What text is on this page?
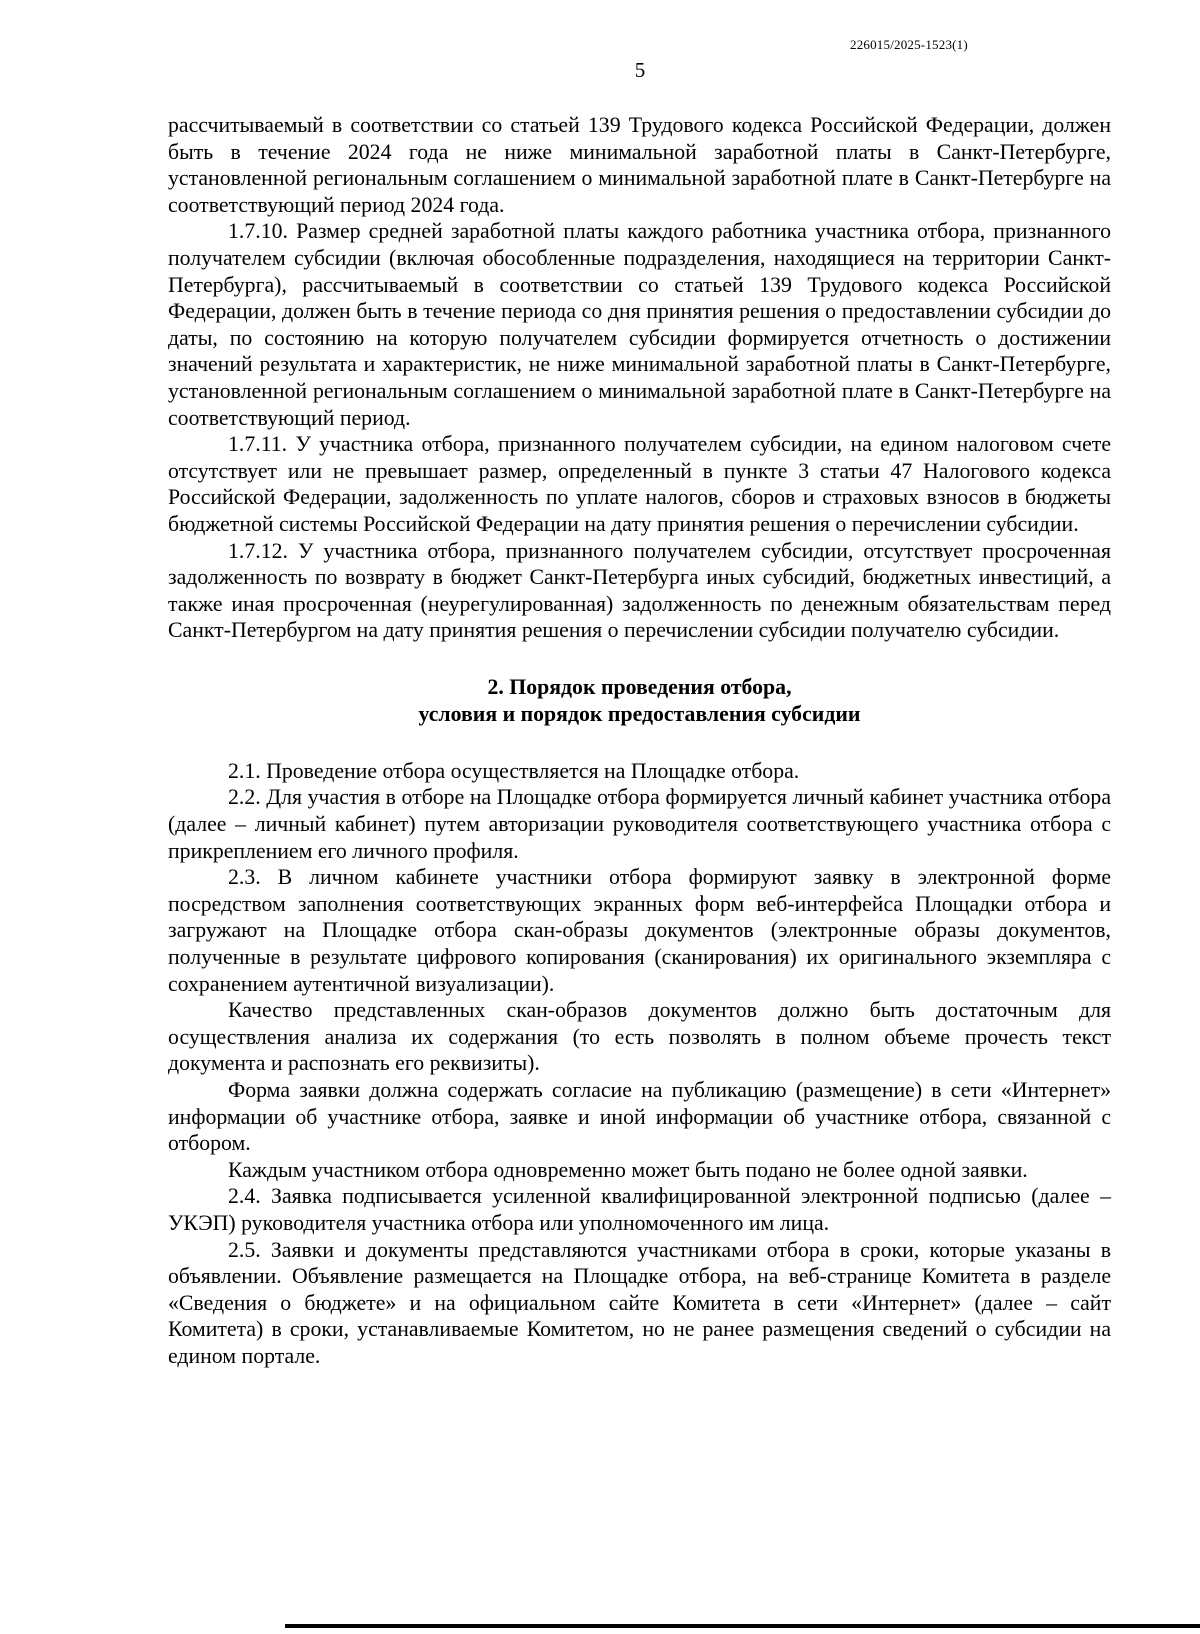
226015/2025-1523(1)
5

рассчитываемый в соответствии со статьей 139 Трудового кодекса Российской Федерации, должен быть в течение 2024 года не ниже минимальной заработной платы в Санкт-Петербурге, установленной региональным соглашением о минимальной заработной плате в Санкт-Петербурге на соответствующий период 2024 года.

1.7.10. Размер средней заработной платы каждого работника участника отбора, признанного получателем субсидии (включая обособленные подразделения, находящиеся на территории Санкт-Петербурга), рассчитываемый в соответствии со статьей 139 Трудового кодекса Российской Федерации, должен быть в течение периода со дня принятия решения о предоставлении субсидии до даты, по состоянию на которую получателем субсидии формируется отчетность о достижении значений результата и характеристик, не ниже минимальной заработной платы в Санкт-Петербурге, установленной региональным соглашением о минимальной заработной плате в Санкт-Петербурге на соответствующий период.

1.7.11. У участника отбора, признанного получателем субсидии, на едином налоговом счете отсутствует или не превышает размер, определенный в пункте 3 статьи 47 Налогового кодекса Российской Федерации, задолженность по уплате налогов, сборов и страховых взносов в бюджеты бюджетной системы Российской Федерации на дату принятия решения о перечислении субсидии.

1.7.12. У участника отбора, признанного получателем субсидии, отсутствует просроченная задолженность по возврату в бюджет Санкт-Петербурга иных субсидий, бюджетных инвестиций, а также иная просроченная (неурегулированная) задолженность по денежным обязательствам перед Санкт-Петербургом на дату принятия решения о перечислении субсидии получателю субсидии.

2. Порядок проведения отбора,
условия и порядок предоставления субсидии

2.1. Проведение отбора осуществляется на Площадке отбора.

2.2. Для участия в отборе на Площадке отбора формируется личный кабинет участника отбора (далее – личный кабинет) путем авторизации руководителя соответствующего участника отбора с прикреплением его личного профиля.

2.3. В личном кабинете участники отбора формируют заявку в электронной форме посредством заполнения соответствующих экранных форм веб-интерфейса Площадки отбора и загружают на Площадке отбора скан-образы документов (электронные образы документов, полученные в результате цифрового копирования (сканирования) их оригинального экземпляра с сохранением аутентичной визуализации).

Качество представленных скан-образов документов должно быть достаточным для осуществления анализа их содержания (то есть позволять в полном объеме прочесть текст документа и распознать его реквизиты).

Форма заявки должна содержать согласие на публикацию (размещение) в сети «Интернет» информации об участнике отбора, заявке и иной информации об участнике отбора, связанной с отбором.

Каждым участником отбора одновременно может быть подано не более одной заявки.

2.4. Заявка подписывается усиленной квалифицированной электронной подписью (далее – УКЭП) руководителя участника отбора или уполномоченного им лица.

2.5. Заявки и документы представляются участниками отбора в сроки, которые указаны в объявлении. Объявление размещается на Площадке отбора, на веб-странице Комитета в разделе «Сведения о бюджете» и на официальном сайте Комитета в сети «Интернет» (далее – сайт Комитета) в сроки, устанавливаемые Комитетом, но не ранее размещения сведений о субсидии на едином портале.
